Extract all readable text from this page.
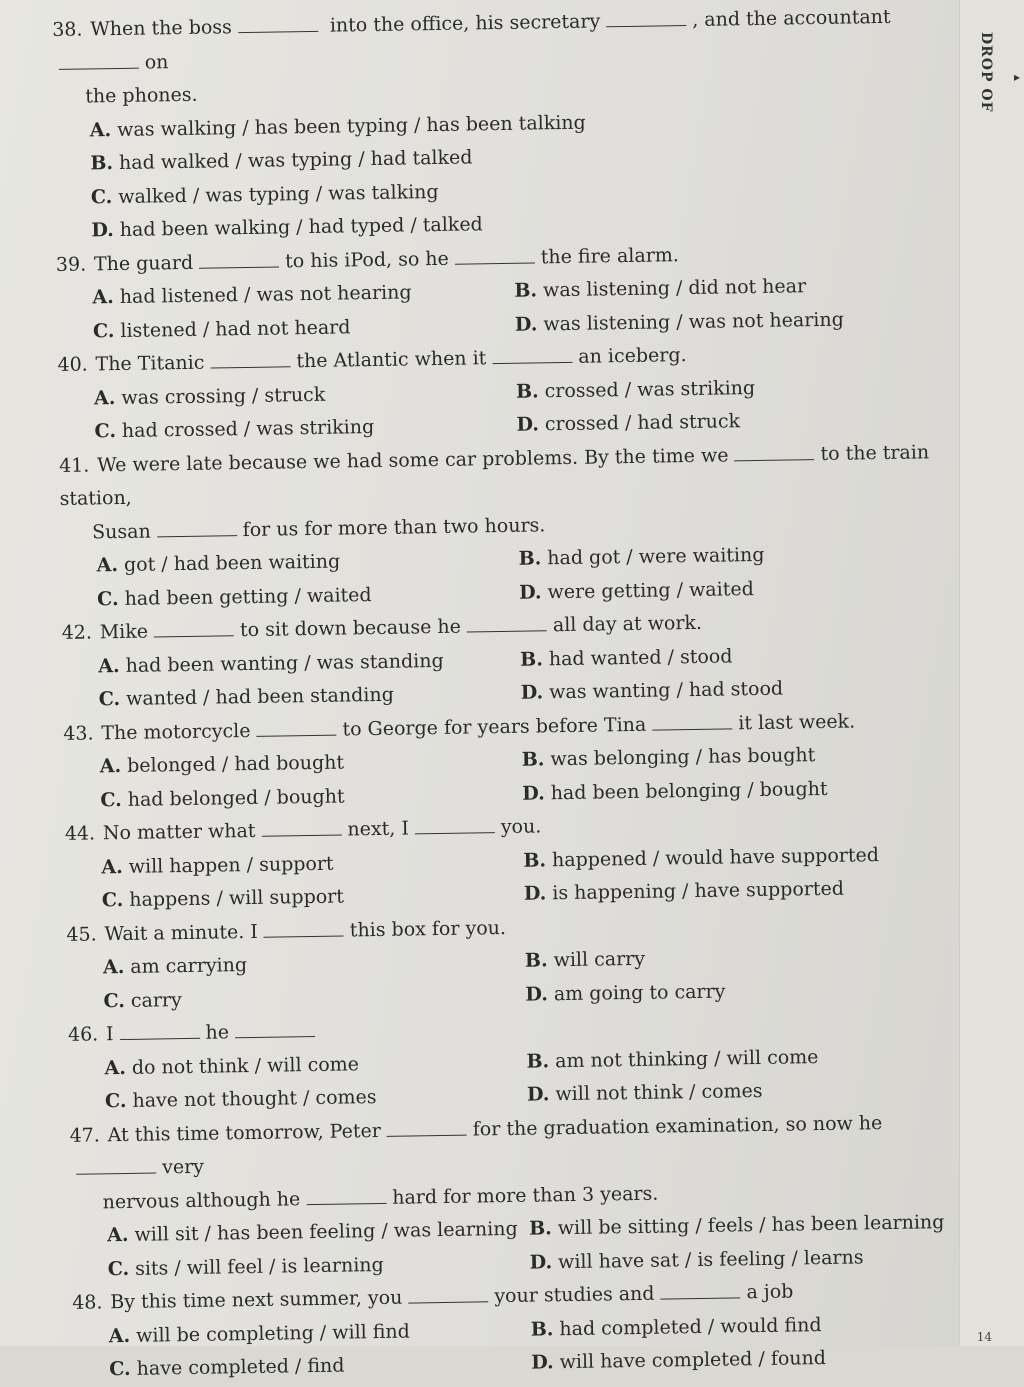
DROP OF ▸
14
38. When the boss	into the office, his secretary	, and the accountanton
the phones.
A. was walking / has been typing / has been talking
B. had walked / was typing / had talked
C. walked / was typing / was talking
D. had been walking / had typed / talked
39. The guard	to his iPod, so he	the fire alarm.
A. had listened / was not hearing	B. was listening / did not hear
C. listened / had not heard	D. was listening / was not hearing
40. The Titanic	the Atlantic when it	an iceberg.
A. was crossing / struck	B. crossed / was striking
C. had crossed / was striking	D. crossed / had struck
41. We were late because we had some car problems. By the time we	to the train station,
Susan	for us for more than two hours.
A. got / had been waiting	B. had got / were waiting
C. had been getting / waited	D. were getting / waited
42. Mike	to sit down because he	all day at work.
A. had been wanting / was standing	B. had wanted / stood
C. wanted / had been standing	D. was wanting / had stood
43. The motorcycle	to George for years before Tina	it last week.
A. belonged / had bought	B. was belonging / has bought
C. had belonged / bought	D. had been belonging / bought
44. No matter what	next, I	you.
A. will happen / support	B. happened / would have supported
C. happens / will support	D. is happening / have supported
45. Wait a minute. I	this box for you.
A. am carrying	B. will carry
C. carry	D. am going to carry
46. I	he
A. do not think / will come	B. am not thinking / will come
C. have not thought / comes	D. will not think / comes
47. At this time tomorrow, Peter	for the graduation examination, so now hevery
nervous although he	hard for more than 3 years.
A. will sit / has been feeling / was learning B. will be sitting / feels / has been learning
C. sits / will feel / is learning	D. will have sat / is feeling / learns
48. By this time next summer, you	your studies and	a job
A. will be completing / will find	B. had completed / would find
C. have completed / find	D. will have completed / found
